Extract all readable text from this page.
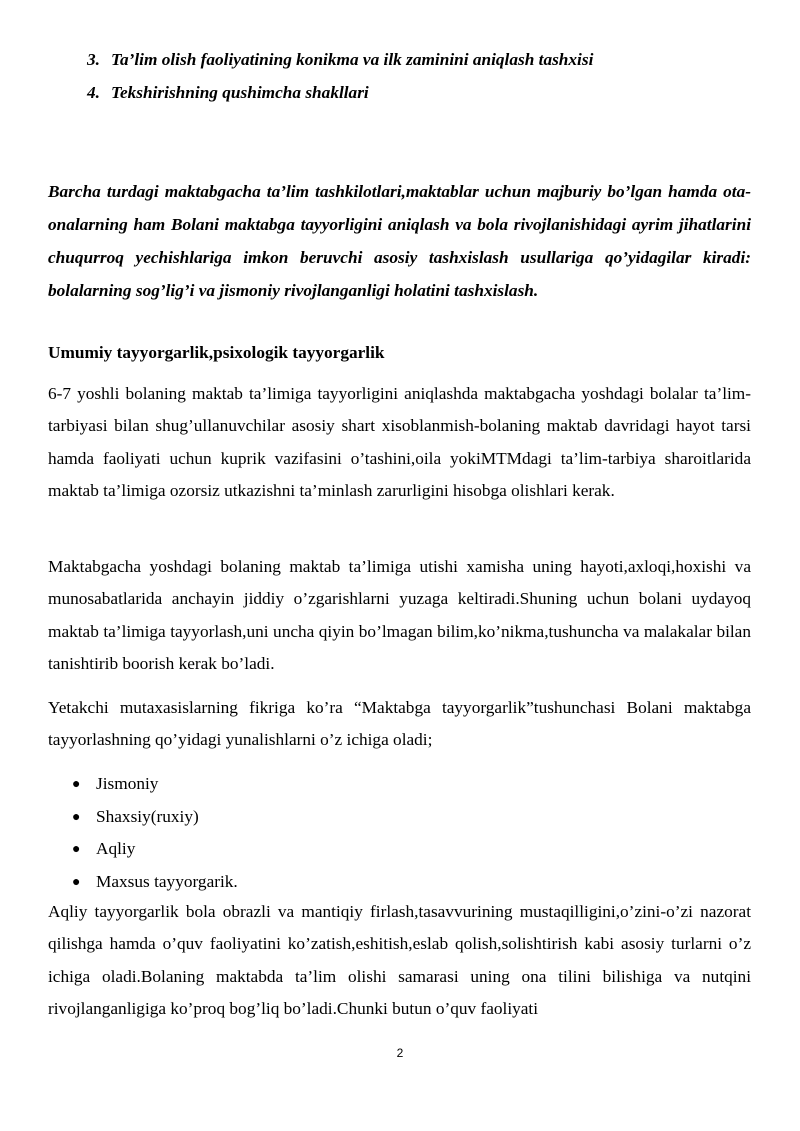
3. Ta’lim olish faoliyatining konikma va ilk zaminini aniqlash tashxisi
4. Tekshirishning qushimcha shakllari

Barcha turdagi maktabgacha ta’lim tashkilotlari,maktablar uchun majburiy bo’lgan hamda ota-onalarning ham Bolani maktabga tayyorligini aniqlash va bola rivojlanishidagi ayrim jihatlarini chuqurroq yechishlariga imkon beruvchi asosiy tashxislash usullariga qo’yidagilar kiradi: bolalarning sog’lig’i va jismoniy rivojlanganligi holatini tashxislash.

Umumiy tayyorgarlik,psixologik tayyorgarlik

6-7 yoshli bolaning maktab ta’limiga tayyorligini aniqlashda maktabgacha yoshdagi bolalar ta’lim-tarbiyasi bilan shug’ullanuvchilar asosiy shart xisoblanmish-bolaning maktab davridagi hayot tarsi hamda faoliyati uchun kuprik vazifasini o’tashini,oila yokiMTMdagi ta’lim-tarbiya sharoitlarida maktab ta’limiga ozorsiz utkazishni ta’minlash zarurligini hisobga olishlari kerak.

Maktabgacha yoshdagi bolaning maktab ta’limiga utishi xamisha uning hayoti,axloqi,hoxishi va munosabatlarida anchayin jiddiy o’zgarishlarni yuzaga keltiradi.Shuning uchun bolani uydayoq maktab ta’limiga tayyorlash,uni uncha qiyin bo’lmagan bilim,ko’nikma,tushuncha va malakalar bilan tanishtirib boorish kerak bo’ladi.

Yetakchi mutaxasislarning fikriga ko’ra “Maktabga tayyorgarlik”tushunchasi Bolani maktabga tayyorlashning qo’yidagi yunalishlarni o’z ichiga oladi;

● Jismoniy
● Shaxsiy(ruxiy)
● Aqliy
● Maxsus tayyorgarik.

Aqliy tayyorgarlik bola obrazli va mantiqiy firlash,tasavvurining mustaqilligini,o’zini-o’zi nazorat qilishga hamda o’quv faoliyatini ko’zatish,eshitish,eslab qolish,solishtirish kabi asosiy turlarni o’z ichiga oladi.Bolaning maktabda ta’lim olishi samarasi uning ona tilini bilishiga va nutqini rivojlanganligiga ko’proq bog’liq bo’ladi.Chunki butun o’quv faoliyati

2
